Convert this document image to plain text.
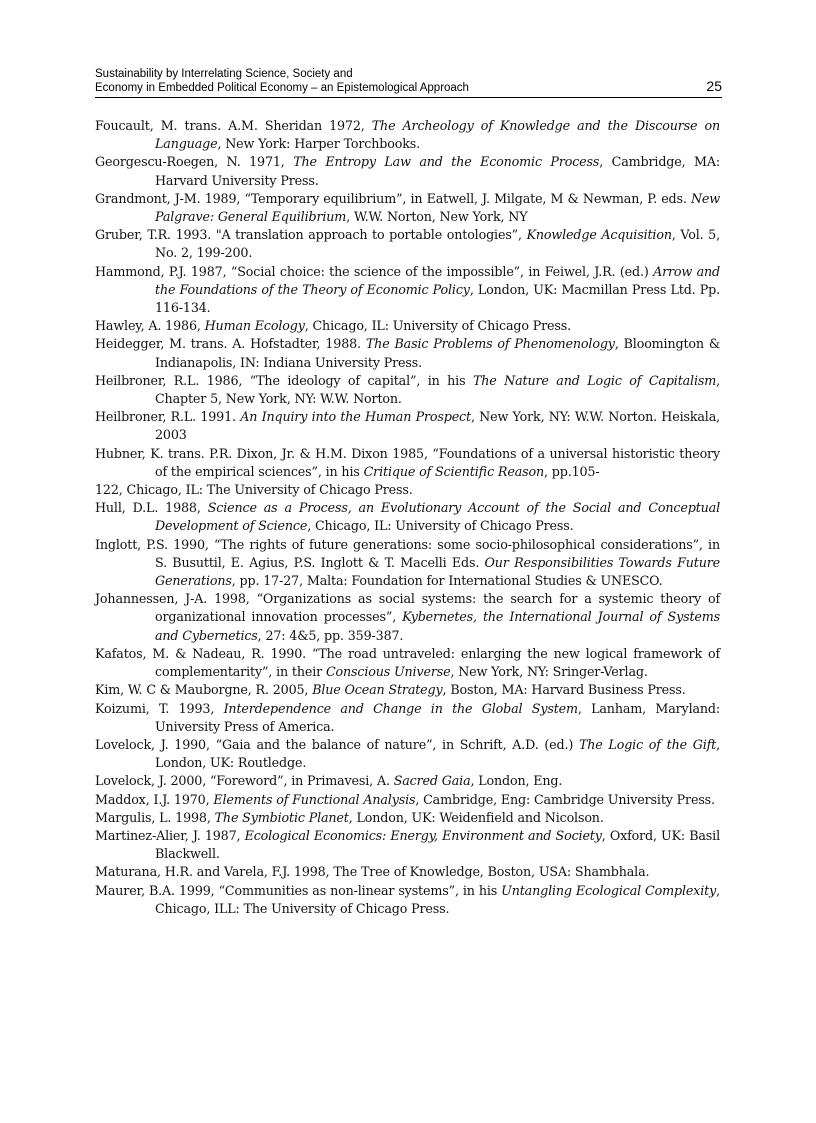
Sustainability by Interrelating Science, Society and
Economy in Embedded Political Economy – an Epistemological Approach	25

Foucault, M. trans. A.M. Sheridan 1972, The Archeology of Knowledge and the Discourse on Language, New York: Harper Torchbooks.

Georgescu-Roegen, N. 1971, The Entropy Law and the Economic Process, Cambridge, MA: Harvard University Press.

Grandmont, J-M. 1989, “Temporary equilibrium”, in Eatwell, J. Milgate, M & Newman, P. eds. New Palgrave: General Equilibrium, W.W. Norton, New York, NY

Gruber, T.R. 1993. "A translation approach to portable ontologies”, Knowledge Acquisition, Vol. 5, No. 2, 199-200.

Hammond, P.J. 1987, “Social choice: the science of the impossible”, in Feiwel, J.R. (ed.) Arrow and the Foundations of the Theory of Economic Policy, London, UK: Macmillan Press Ltd. Pp. 116-134.

Hawley, A. 1986, Human Ecology, Chicago, IL: University of Chicago Press.

Heidegger, M. trans. A. Hofstadter, 1988. The Basic Problems of Phenomenology, Bloomington & Indianapolis, IN: Indiana University Press.

Heilbroner, R.L. 1986, “The ideology of capital”, in his The Nature and Logic of Capitalism, Chapter 5, New York, NY: W.W. Norton.

Heilbroner, R.L. 1991. An Inquiry into the Human Prospect, New York, NY: W.W. Norton. Heiskala, 2003

Hubner, K. trans. P.R. Dixon, Jr. & H.M. Dixon 1985, “Foundations of a universal historistic theory of the empirical sciences”, in his Critique of Scientific Reason, pp.105-

122, Chicago, IL: The University of Chicago Press.

Hull, D.L. 1988, Science as a Process, an Evolutionary Account of the Social and Conceptual Development of Science, Chicago, IL: University of Chicago Press.

Inglott, P.S. 1990, “The rights of future generations: some socio-philosophical considerations”, in S. Busuttil, E. Agius, P.S. Inglott & T. Macelli Eds. Our Responsibilities Towards Future Generations, pp. 17-27, Malta: Foundation for International Studies & UNESCO.

Johannessen, J-A. 1998, “Organizations as social systems: the search for a systemic theory of organizational innovation processes”, Kybernetes, the International Journal of Systems and Cybernetics, 27: 4&5, pp. 359-387.

Kafatos, M. & Nadeau, R. 1990. “The road untraveled: enlarging the new logical framework of complementarity”, in their Conscious Universe, New York, NY: Sringer-Verlag.

Kim, W. C & Mauborgne, R. 2005, Blue Ocean Strategy, Boston, MA: Harvard Business Press.

Koizumi, T. 1993, Interdependence and Change in the Global System, Lanham, Maryland: University Press of America.

Lovelock, J. 1990, “Gaia and the balance of nature”, in Schrift, A.D. (ed.) The Logic of the Gift, London, UK: Routledge.

Lovelock, J. 2000, “Foreword”, in Primavesi, A. Sacred Gaia, London, Eng.

Maddox, I.J. 1970, Elements of Functional Analysis, Cambridge, Eng: Cambridge University Press.

Margulis, L. 1998, The Symbiotic Planet, London, UK: Weidenfield and Nicolson.

Martinez-Alier, J. 1987, Ecological Economics: Energy, Environment and Society, Oxford, UK: Basil Blackwell.

Maturana, H.R. and Varela, F.J. 1998, The Tree of Knowledge, Boston, USA: Shambhala.

Maurer, B.A. 1999, “Communities as non-linear systems”, in his Untangling Ecological Complexity, Chicago, ILL: The University of Chicago Press.
